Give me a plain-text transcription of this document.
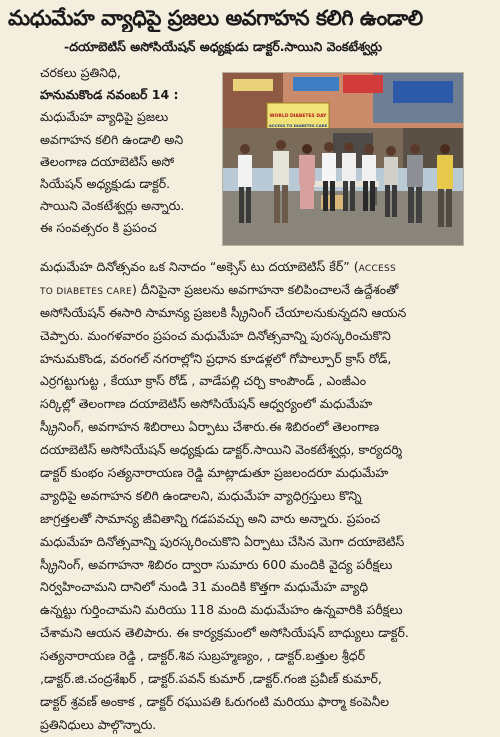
మధుమేహ వ్యాధిపై ప్రజలు అవగాహన కలిగి ఉండాలి
-దయాబెటిస్ అసోసియేషన్ అధ్యక్షుడు డాక్టర్.సాయిని వెంకటేశ్వర్లు
చరకలు ప్రతినిధి,
హనుమకొండ నవంబర్ 14 :
మధుమేహ వ్యాధిపై ప్రజలు
అవగాహన కలిగి ఉండాలి అని
తెలంగాణ దయాబెటిస్ అసో
సియేషన్ అధ్యక్షుడు డాక్టర్.
సాయిని వెంకటేశ్వర్లు అన్నారు.
ఈ సంవత్సరం కి ప్రపంచ
WORLD DIABETES DAY
ACCESS TO DIABETES CARE
మధుమేహ దినోత్సవం ఒక నినాదం “అక్సెస్ టు దయాబెటిస్ కేర్” (ACCESS
TO DIABETES CARE) దీనిపైనా ప్రజలను అవగాహనా కలిపించాలనే ఉద్దేశంతో
అసోసియేషన్ ఈసారి సామాన్య ప్రజలకి స్క్రీనింగ్ చేయాలనుకున్నదని ఆయన
చెప్పారు. మంగళవారం ప్రపంచ మధుమేహ దినోత్సవాన్ని పురస్కరించుకొని
హనుమకొండ, వరంగల్ నగరాల్లోని ప్రధాన కూడళ్లలో గోపాల్పూర్ క్రాస్ రోడ్,
ఎర్రగట్టుగుట్ట , కేయూ క్రాస్ రోడ్ , వాడేపల్లి చర్చి కాంపౌండ్ , ఎంజీఎం
సర్కిల్లో తెలంగాణ దయాబెటిస్ అసోసియేషన్ ఆధ్వర్యంలో మధుమేహ
స్క్రీనింగ్, అవగాహన శిబిరాలు ఏర్పాటు చేశారు.ఈ శిబిరంలో తెలంగాణ
దయాబెటిస్ అసోసియేషన్ అధ్యక్షుడు డాక్టర్.సాయిని వెంకటేశ్వర్లు, కార్యదర్శి
డాక్టర్ కుంభం సత్యనారాయణ రెడ్డి మాట్లాడుతూ ప్రజలందరూ మధుమేహ
వ్యాధిపై అవగాహన కలిగి ఉండాలని, మధుమేహ వ్యాధిగ్రస్తులు కొన్ని
జాగ్రత్తలతో సామాన్య జీవితాన్ని గడపవచ్చు అని వారు అన్నారు. ప్రపంచ
మధుమేహ దినోత్సవాన్ని పురస్కరించుకొని ఏర్పాటు చేసిన మెగా దయాబెటిస్
స్క్రీనింగ్, అవగాహనా శిబిరం ద్వారా సుమారు 600 మందికి వైద్య పరీక్షలు
నిర్వహించామని దానిలో నుండి 31 మందికి కొత్తగా మధుమేహ వ్యాధి
ఉన్నట్టు గుర్తించామని మరియు 118 మంది మధుమేహం ఉన్నవారికి పరీక్షలు
చేశామని ఆయన తెలిపారు. ఈ కార్యక్రమంలో అసోసియేషన్ బాధ్యులు డాక్టర్.
సత్యనారాయణ రెడ్డి , డాక్టర్.శివ సుబ్రహ్మణ్యం, , డాక్టర్.బత్తుల శ్రీధర్
,డాక్టర్.జి.చంద్రశేఖర్ , డాక్టర్.పవన్ కుమార్ ,డాక్టర్.గంజి ప్రవీణ్ కుమార్,
డాక్టర్ శ్రవణ్ అంకాక , డాక్టర్ రఘుపతి ఓరుగంటి మరియు ఫార్మా కంపెనీల
ప్రతినిధులు పాల్గొన్నారు.
